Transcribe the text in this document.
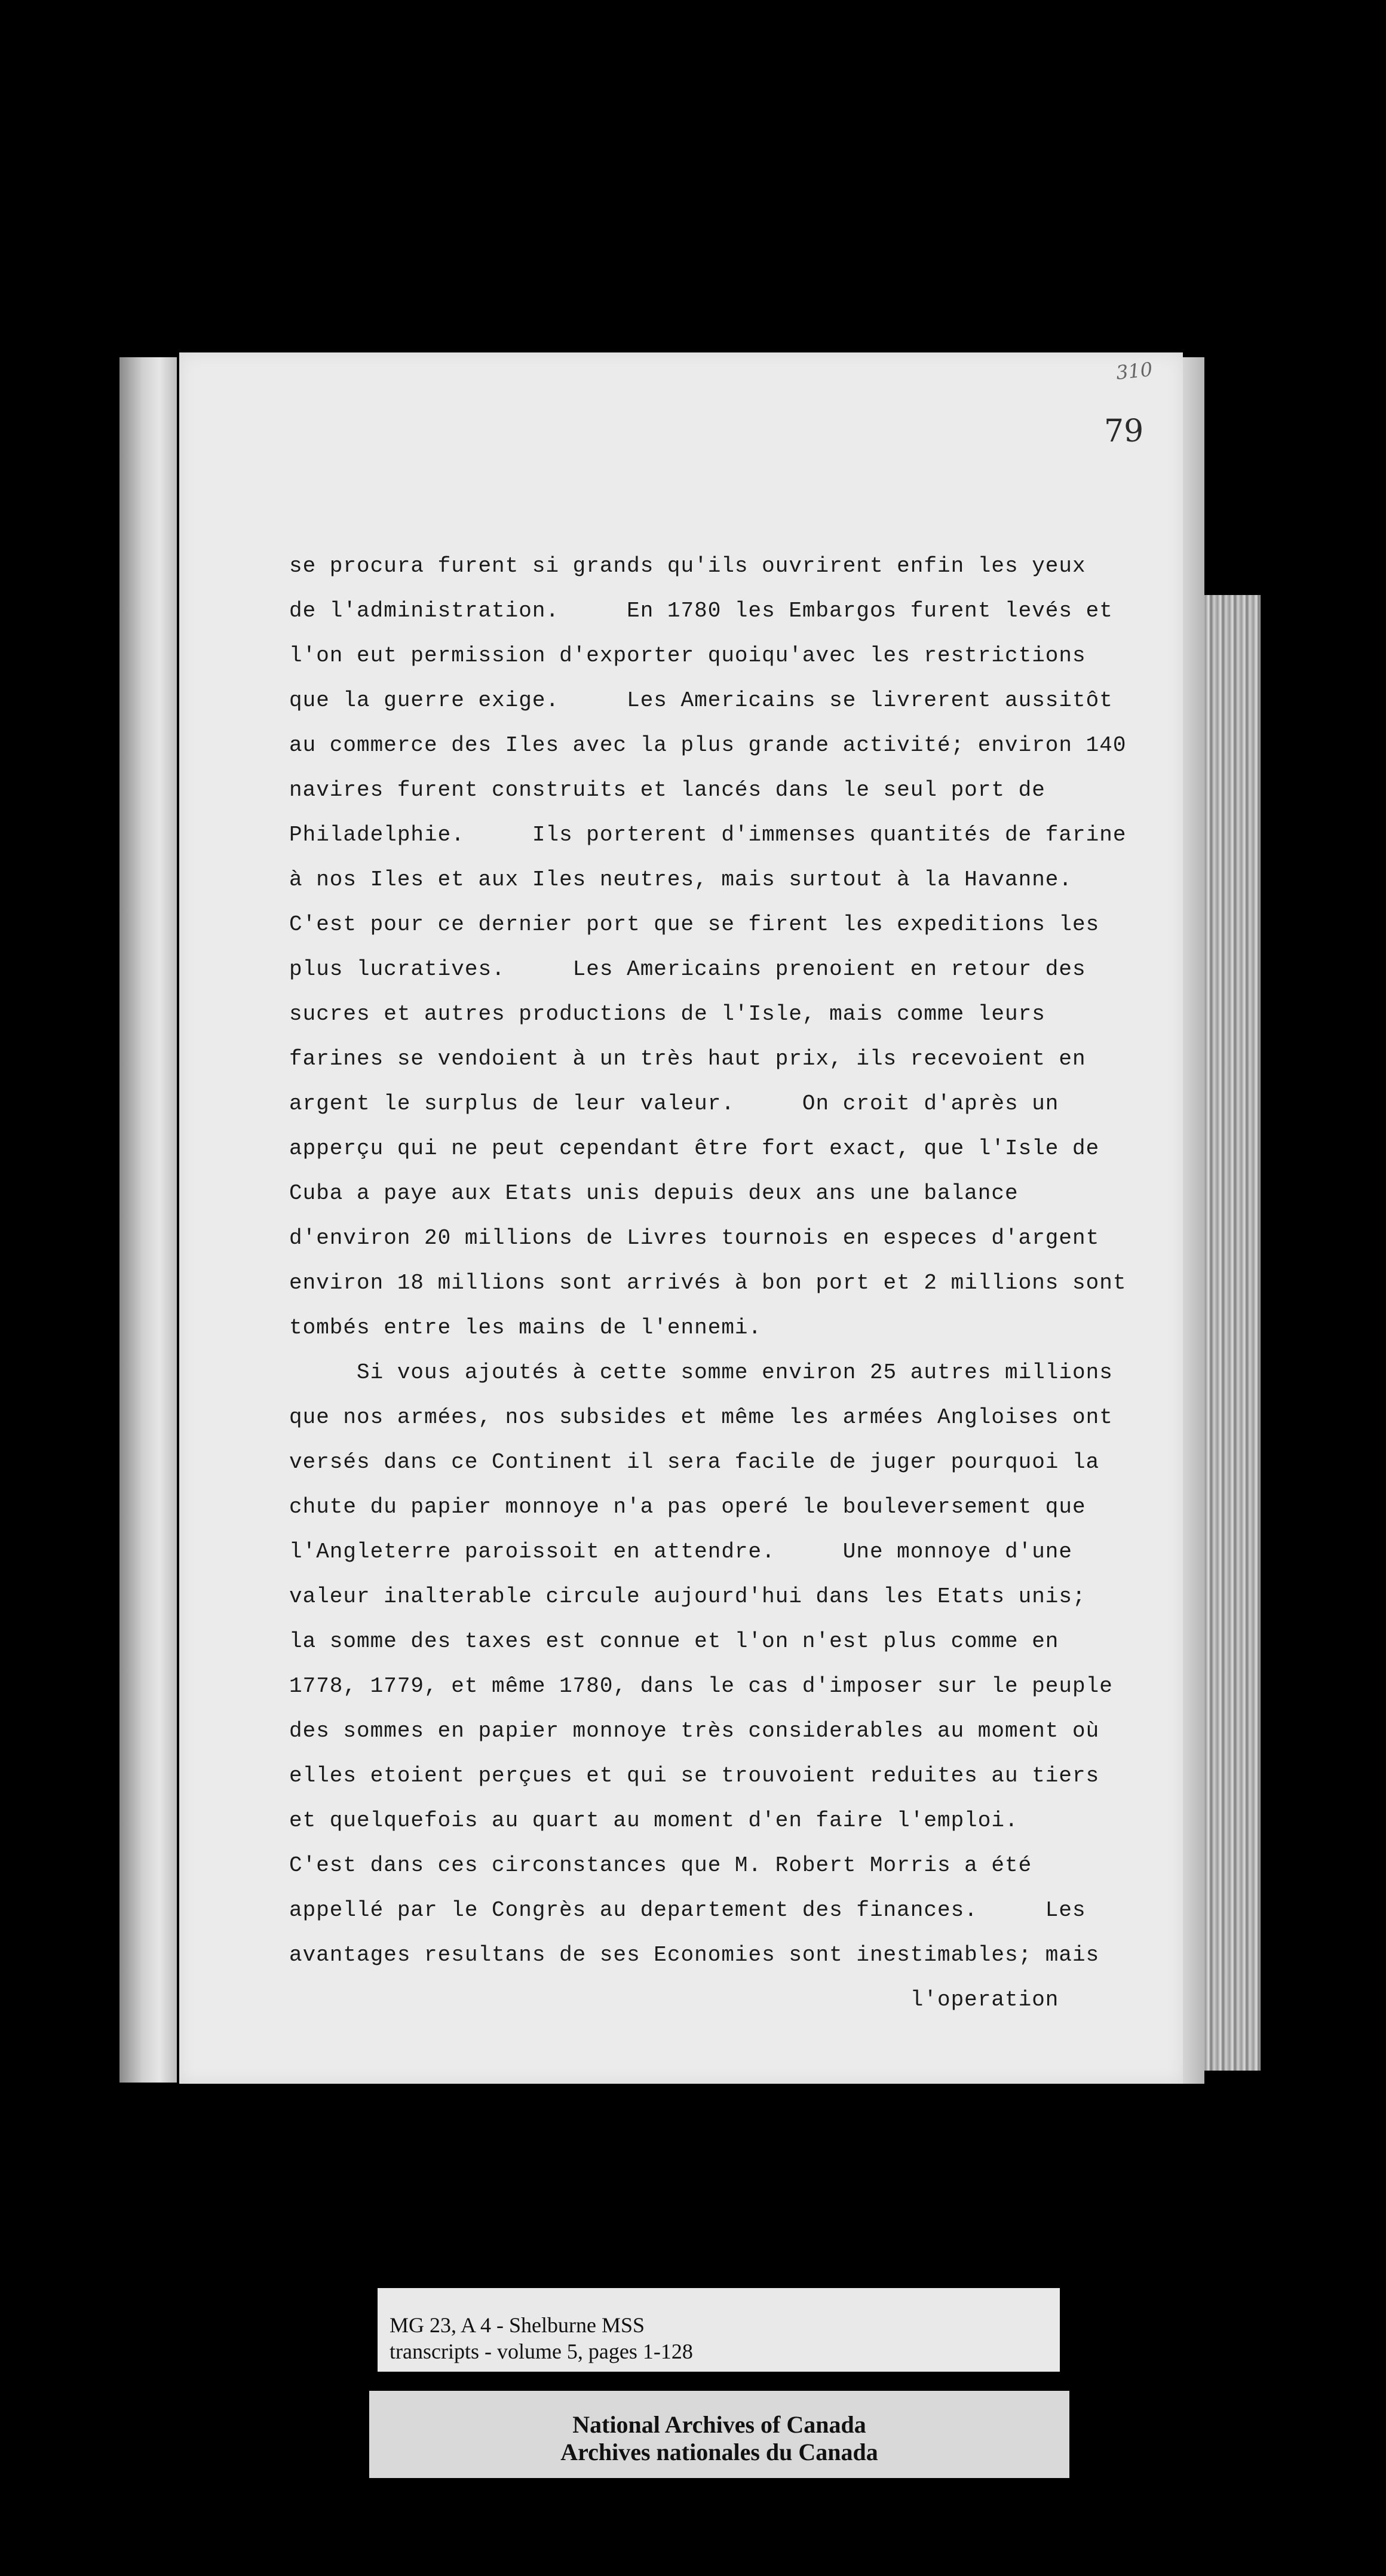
310
79
se procura furent si grands qu'ils ouvrirent enfin les yeux
de l'administration.     En 1780 les Embargos furent levés et
l'on eut permission d'exporter quoiqu'avec les restrictions
que la guerre exige.     Les Americains se livrerent aussitôt
au commerce des Iles avec la plus grande activité; environ 140
navires furent construits et lancés dans le seul port de
Philadelphie.     Ils porterent d'immenses quantités de farine
à nos Iles et aux Iles neutres, mais surtout à la Havanne.
C'est pour ce dernier port que se firent les expeditions les
plus lucratives.     Les Americains prenoient en retour des
sucres et autres productions de l'Isle, mais comme leurs
farines se vendoient à un très haut prix, ils recevoient en
argent le surplus de leur valeur.     On croit d'après un
apperçu qui ne peut cependant être fort exact, que l'Isle de
Cuba a paye aux Etats unis depuis deux ans une balance
d'environ 20 millions de Livres tournois en especes d'argent
environ 18 millions sont arrivés à bon port et 2 millions sont
tombés entre les mains de l'ennemi.
Si vous ajoutés à cette somme environ 25 autres millions
que nos armées, nos subsides et même les armées Angloises ont
versés dans ce Continent il sera facile de juger pourquoi la
chute du papier monnoye n'a pas operé le bouleversement que
l'Angleterre paroissoit en attendre.     Une monnoye d'une
valeur inalterable circule aujourd'hui dans les Etats unis;
la somme des taxes est connue et l'on n'est plus comme en
1778, 1779, et même 1780, dans le cas d'imposer sur le peuple
des sommes en papier monnoye très considerables au moment où
elles etoient perçues et qui se trouvoient reduites au tiers
et quelquefois au quart au moment d'en faire l'emploi.
C'est dans ces circonstances que M. Robert Morris a été
appellé par le Congrès au departement des finances.     Les
avantages resultans de ses Economies sont inestimables; mais
l'operation
MG 23, A 4 - Shelburne MSS
transcripts - volume 5, pages 1-128
National Archives of Canada
Archives nationales du Canada
